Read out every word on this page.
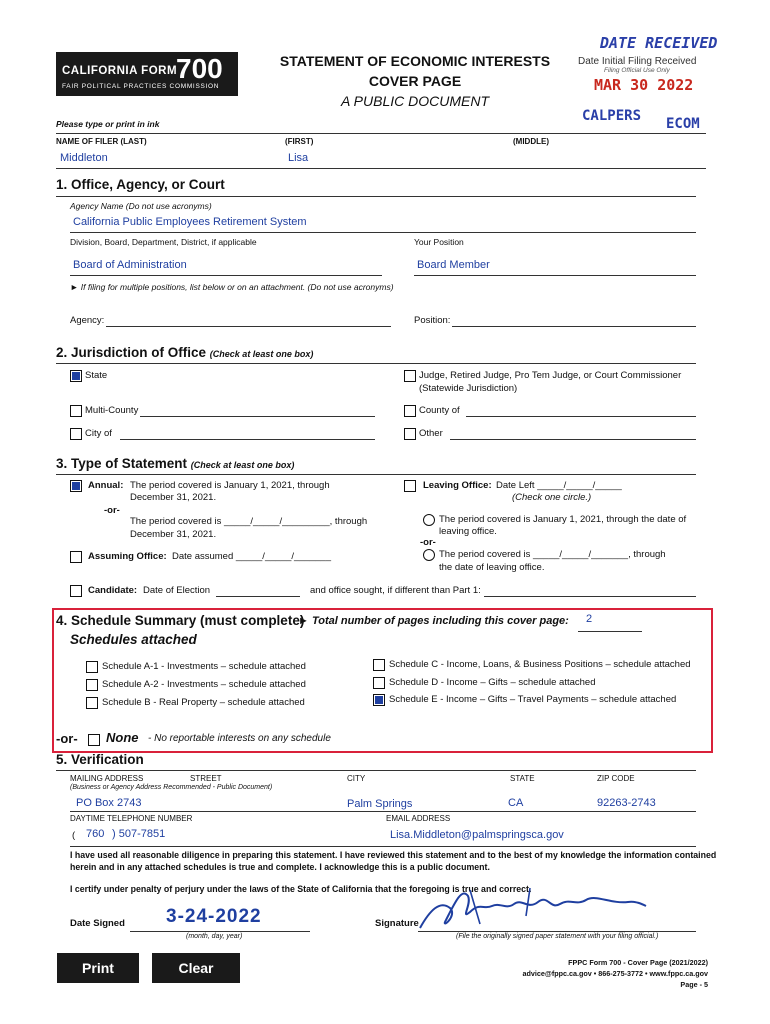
CALIFORNIA FORM
700
FAIR POLITICAL PRACTICES COMMISSION
STATEMENT OF ECONOMIC INTERESTS
COVER PAGE
A PUBLIC DOCUMENT
DATE RECEIVED
Date Initial Filing Received
Filing Official Use Only
MAR 30 2022
CALPERS ECOM
Please type or print in ink
NAME OF FILER (LAST)	(FIRST)	(MIDDLE)
Middleton	Lisa
1. Office, Agency, or Court
Agency Name (Do not use acronyms)
California Public Employees Retirement System
Division, Board, Department, District, if applicable	Your Position
Board of Administration	Board Member
► If filing for multiple positions, list below or on an attachment. (Do not use acronyms)
Agency:	Position:
2. Jurisdiction of Office (Check at least one box)
State	Judge, Retired Judge, Pro Tem Judge, or Court Commissioner
(Statewide Jurisdiction)
Multi-County	County of
City of	Other
3. Type of Statement (Check at least one box)
Annual: The period covered is January 1, 2021, through
December 31, 2021.
-or-
The period covered is _____/_____/_________, through
December 31, 2021.
Assuming Office: Date assumed _____/_____/_______
Leaving Office: Date Left _____/_____/_____
(Check one circle.)
The period covered is January 1, 2021, through the date of
leaving office.
-or-
The period covered is _____/_____/_______, through
the date of leaving office.
Candidate: Date of Election	and office sought, if different than Part 1:
4. Schedule Summary (must complete)
► Total number of pages including this cover page: 2
Schedules attached
Schedule A-1 - Investments – schedule attached
Schedule A-2 - Investments – schedule attached
Schedule B - Real Property – schedule attached
Schedule C - Income, Loans, & Business Positions – schedule attached
Schedule D - Income – Gifts – schedule attached
Schedule E - Income – Gifts – Travel Payments – schedule attached
-or- None - No reportable interests on any schedule
5. Verification
MAILING ADDRESS	STREET	CITY	STATE	ZIP CODE
(Business or Agency Address Recommended - Public Document)
PO Box 2743	Palm Springs	CA	92263-2743
DAYTIME TELEPHONE NUMBER	EMAIL ADDRESS
( 760 ) 507-7851	Lisa.Middleton@palmspringsca.gov
I have used all reasonable diligence in preparing this statement. I have reviewed this statement and to the best of my knowledge the information contained
herein and in any attached schedules is true and complete. I acknowledge this is a public document.
I certify under penalty of perjury under the laws of the State of California that the foregoing is true and correct.
Date Signed 3-24-2022
(month, day, year)
Signature
(File the originally signed paper statement with your filing official.)
Print	Clear	FPPC Form 700 - Cover Page (2021/2022)
advice@fppc.ca.gov • 866-275-3772 • www.fppc.ca.gov
Page - 5
